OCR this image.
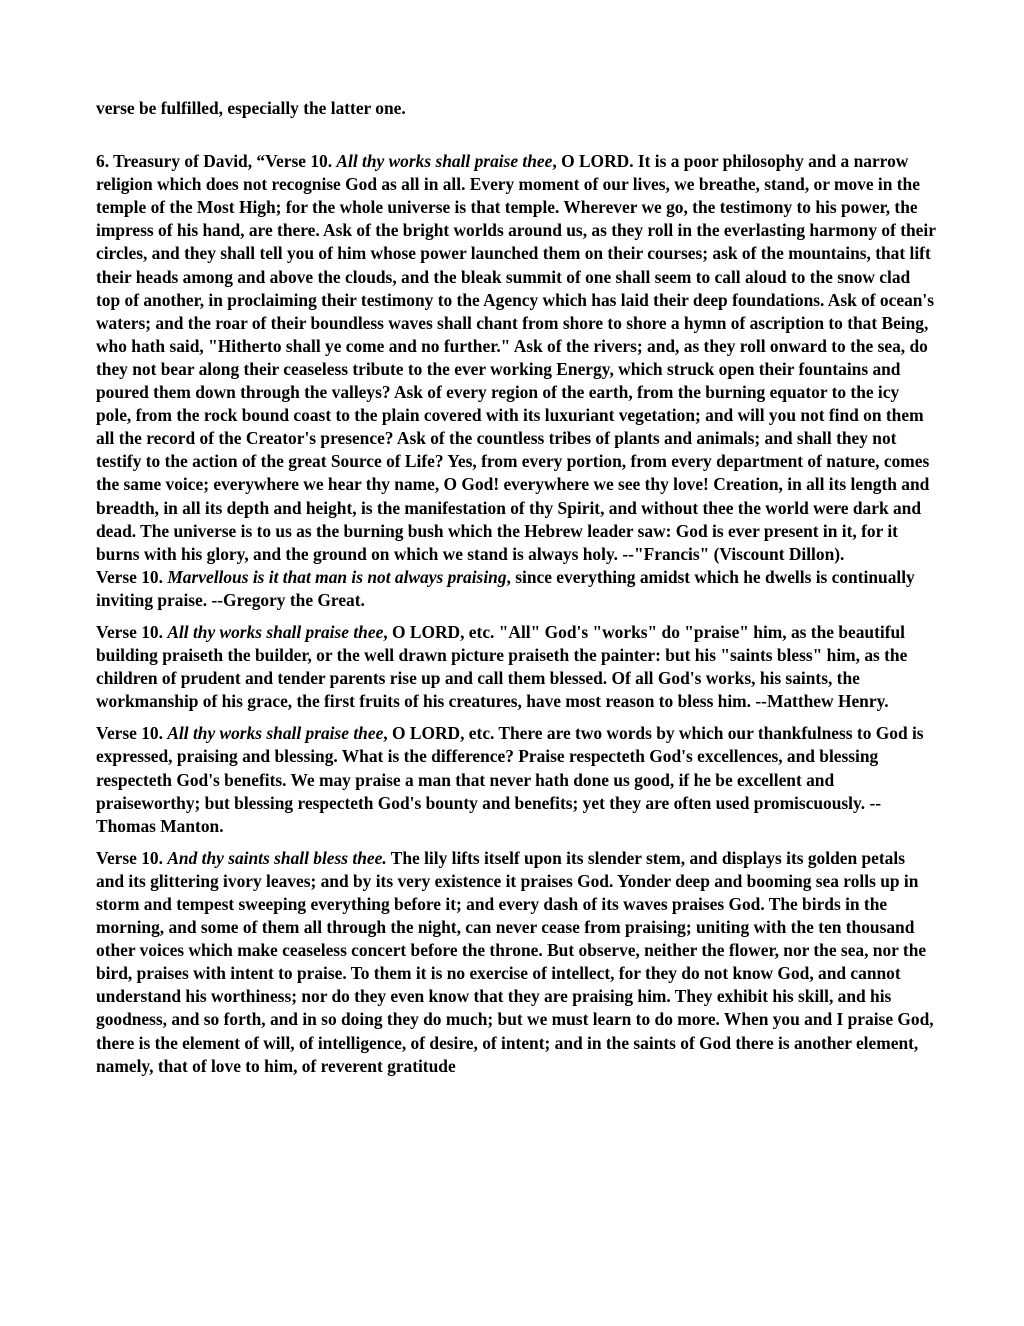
verse be fulfilled, especially the latter one.

6. Treasury of David, “Verse 10. All thy works shall praise thee, O LORD. It is a poor philosophy and a narrow religion which does not recognise God as all in all. Every moment of our lives, we breathe, stand, or move in the temple of the Most High; for the whole universe is that temple. Wherever we go, the testimony to his power, the impress of his hand, are there. Ask of the bright worlds around us, as they roll in the everlasting harmony of their circles, and they shall tell you of him whose power launched them on their courses; ask of the mountains, that lift their heads among and above the clouds, and the bleak summit of one shall seem to call aloud to the snow clad top of another, in proclaiming their testimony to the Agency which has laid their deep foundations. Ask of ocean's waters; and the roar of their boundless waves shall chant from shore to shore a hymn of ascription to that Being, who hath said, "Hitherto shall ye come and no further." Ask of the rivers; and, as they roll onward to the sea, do they not bear along their ceaseless tribute to the ever working Energy, which struck open their fountains and poured them down through the valleys? Ask of every region of the earth, from the burning equator to the icy pole, from the rock bound coast to the plain covered with its luxuriant vegetation; and will you not find on them all the record of the Creator's presence? Ask of the countless tribes of plants and animals; and shall they not testify to the action of the great Source of Life? Yes, from every portion, from every department of nature, comes the same voice; everywhere we hear thy name, O God! everywhere we see thy love! Creation, in all its length and breadth, in all its depth and height, is the manifestation of thy Spirit, and without thee the world were dark and dead. The universe is to us as the burning bush which the Hebrew leader saw: God is ever present in it, for it burns with his glory, and the ground on which we stand is always holy. --"Francis" (Viscount Dillon).

Verse 10. Marvellous is it that man is not always praising, since everything amidst which he dwells is continually inviting praise. --Gregory the Great.

Verse 10. All thy works shall praise thee, O LORD, etc. "All" God's "works" do "praise" him, as the beautiful building praiseth the builder, or the well drawn picture praiseth the painter: but his "saints bless" him, as the children of prudent and tender parents rise up and call them blessed. Of all God's works, his saints, the workmanship of his grace, the first fruits of his creatures, have most reason to bless him. --Matthew Henry.

Verse 10. All thy works shall praise thee, O LORD, etc. There are two words by which our thankfulness to God is expressed, praising and blessing. What is the difference? Praise respecteth God's excellences, and blessing respecteth God's benefits. We may praise a man that never hath done us good, if he be excellent and praiseworthy; but blessing respecteth God's bounty and benefits; yet they are often used promiscuously. -- Thomas Manton.

Verse 10. And thy saints shall bless thee. The lily lifts itself upon its slender stem, and displays its golden petals and its glittering ivory leaves; and by its very existence it praises God. Yonder deep and booming sea rolls up in storm and tempest sweeping everything before it; and every dash of its waves praises God. The birds in the morning, and some of them all through the night, can never cease from praising; uniting with the ten thousand other voices which make ceaseless concert before the throne. But observe, neither the flower, nor the sea, nor the bird, praises with intent to praise. To them it is no exercise of intellect, for they do not know God, and cannot understand his worthiness; nor do they even know that they are praising him. They exhibit his skill, and his goodness, and so forth, and in so doing they do much; but we must learn to do more. When you and I praise God, there is the element of will, of intelligence, of desire, of intent; and in the saints of God there is another element, namely, that of love to him, of reverent gratitude
